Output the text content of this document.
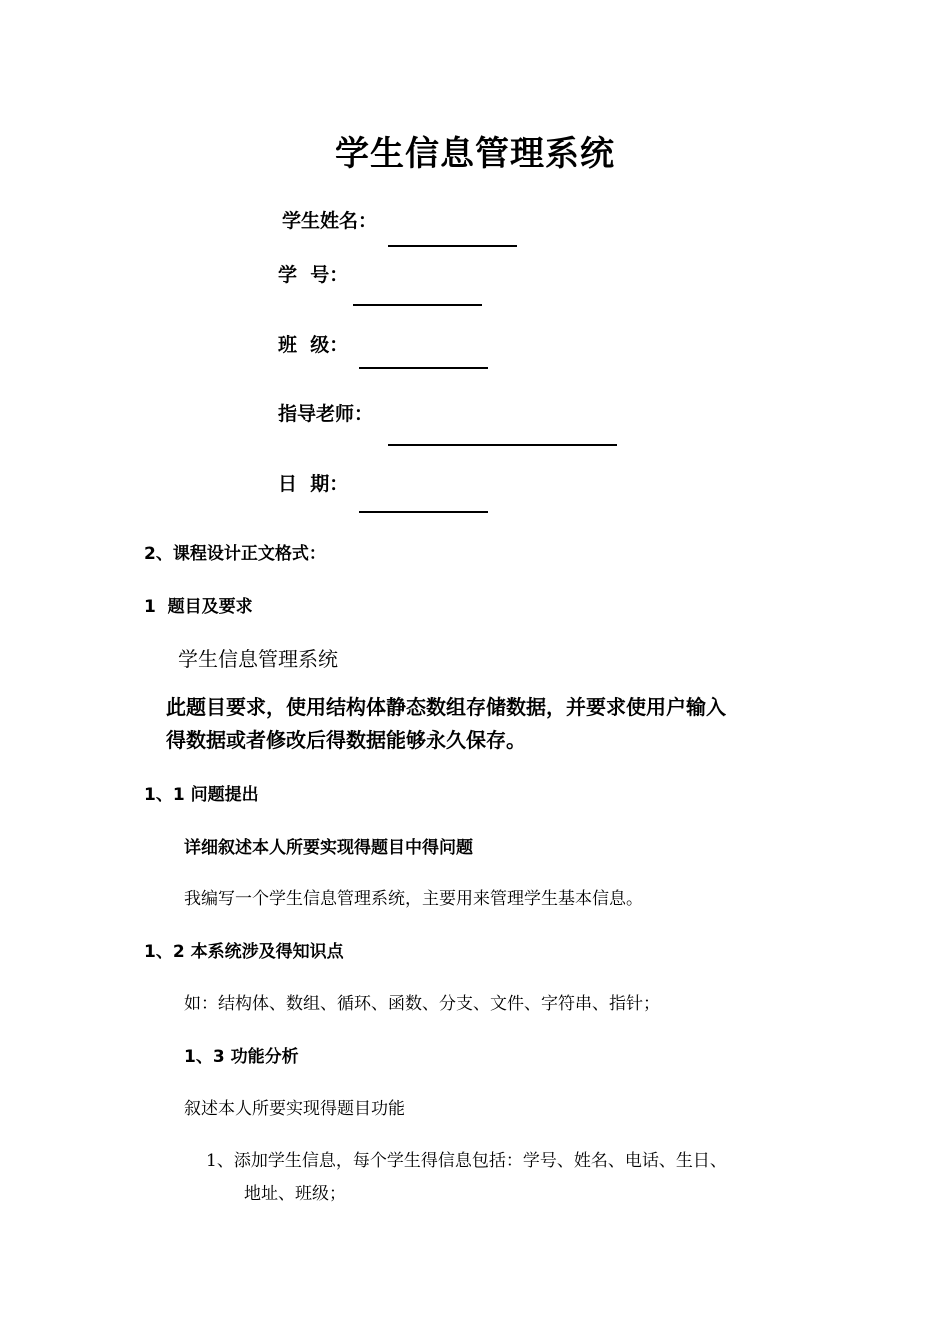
学生信息管理系统
学生姓名：
学  号：
班  级：
指导老师：
日  期：
2、课程设计正文格式：
1  题目及要求
学生信息管理系统
此题目要求，使用结构体静态数组存储数据，并要求使用户输入
得数据或者修改后得数据能够永久保存。
1、1 问题提出
详细叙述本人所要实现得题目中得问题
我编写一个学生信息管理系统，主要用来管理学生基本信息。
1、2 本系统涉及得知识点
如：结构体、数组、循环、函数、分支、文件、字符串、指针；
1、3 功能分析
叙述本人所要实现得题目功能
1、添加学生信息，每个学生得信息包括：学号、姓名、电话、生日、
地址、班级；
